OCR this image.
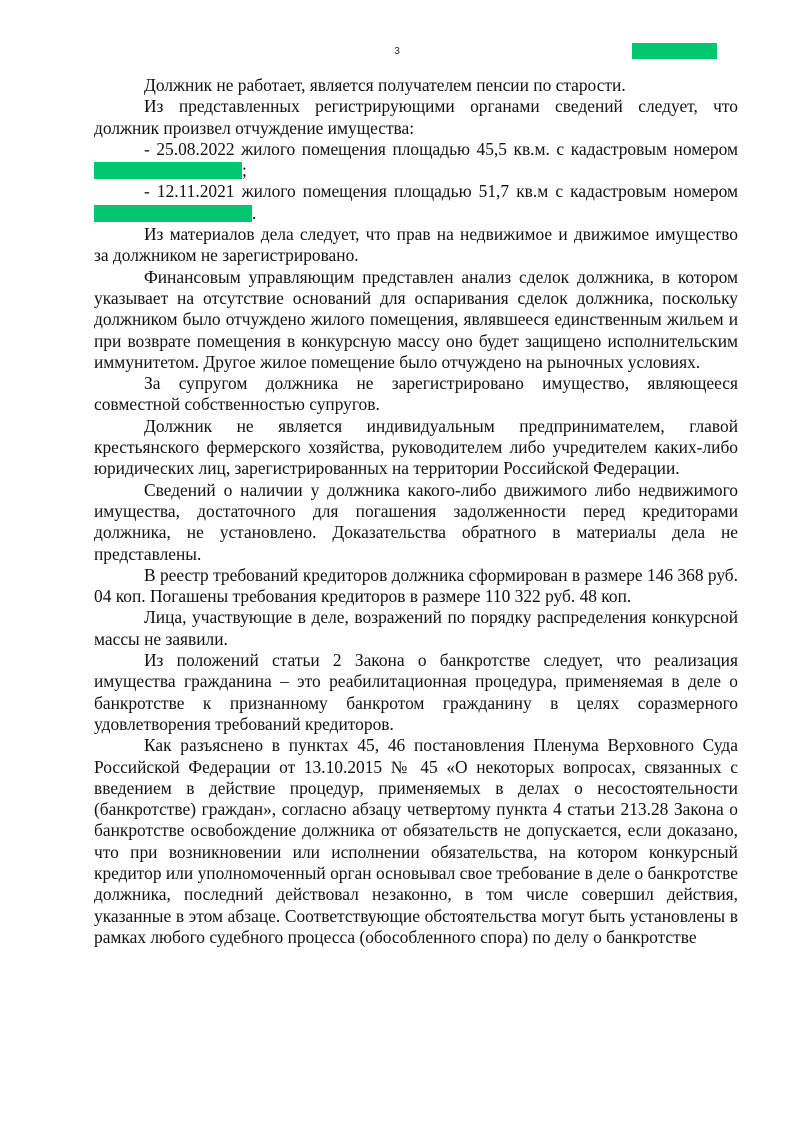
3

Должник не работает, является получателем пенсии по старости.

Из представленных регистрирующими органами сведений следует, что должник произвел отчуждение имущества:

- 25.08.2022 жилого помещения площадью 45,5 кв.м. с кадастровым номером ;

- 12.11.2021 жилого помещения площадью 51,7 кв.м с кадастровым номером .

Из материалов дела следует, что прав на недвижимое и движимое имущество за должником не зарегистрировано.

Финансовым управляющим представлен анализ сделок должника, в котором указывает на отсутствие оснований для оспаривания сделок должника, поскольку должником было отчуждено жилого помещения, являвшееся единственным жильем и при возврате помещения в конкурсную массу оно будет защищено исполнительским иммунитетом. Другое жилое помещение было отчуждено на рыночных условиях.

За супругом должника не зарегистрировано имущество, являющееся совместной собственностью супругов.

Должник не является индивидуальным предпринимателем, главой крестьянского фермерского хозяйства, руководителем либо учредителем каких-либо юридических лиц, зарегистрированных на территории Российской Федерации.

Сведений о наличии у должника какого-либо движимого либо недвижимого имущества, достаточного для погашения задолженности перед кредиторами должника, не установлено. Доказательства обратного в материалы дела не представлены.

В реестр требований кредиторов должника сформирован в размере 146 368 руб. 04 коп. Погашены требования кредиторов в размере 110 322 руб. 48 коп.

Лица, участвующие в деле, возражений по порядку распределения конкурсной массы не заявили.

Из положений статьи 2 Закона о банкротстве следует, что реализация имущества гражданина – это реабилитационная процедура, применяемая в деле о банкротстве к признанному банкротом гражданину в целях соразмерного удовлетворения требований кредиторов.

Как разъяснено в пунктах 45, 46 постановления Пленума Верховного Суда Российской Федерации от 13.10.2015 № 45 «О некоторых вопросах, связанных с введением в действие процедур, применяемых в делах о несостоятельности (банкротстве) граждан», согласно абзацу четвертому пункта 4 статьи 213.28 Закона о банкротстве освобождение должника от обязательств не допускается, если доказано, что при возникновении или исполнении обязательства, на котором конкурсный кредитор или уполномоченный орган основывал свое требование в деле о банкротстве должника, последний действовал незаконно, в том числе совершил действия, указанные в этом абзаце. Соответствующие обстоятельства могут быть установлены в рамках любого судебного процесса (обособленного спора) по делу о банкротстве
